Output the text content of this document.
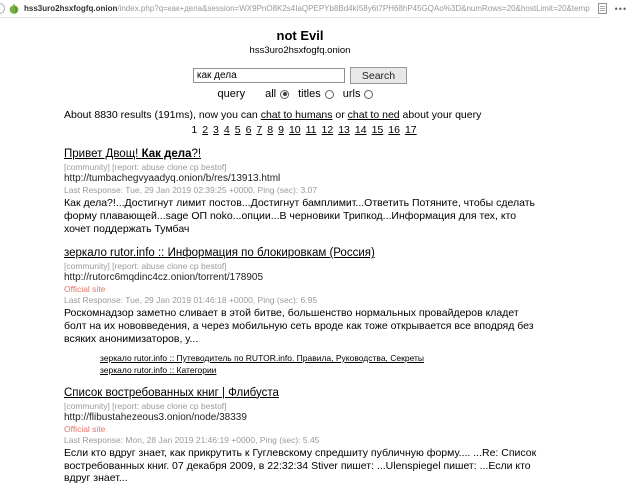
hss3uro2hsxfogfq.onion/index.php?q=как+дела&session=WX9PnO8K2s4IaQPEPYb8Bd4kI58y6t7PH68hP45GQAo%3D&numRows=20&hostLimit=20&temp	•••
not Evil
hss3uro2hsxfogfq.onion
как дела
Search
query all titles urls
About 8830 results (191ms), now you can chat to humans or chat to ned about your query
1 2 3 4 5 6 7 8 9 10 11 12 13 14 15 16 17
Привет Двощ! Как дела?!
[community] [report: abuse clone cp bestof]
http://tumbachegvyaadyq.onion/b/res/13913.html
Last Response: Tue, 29 Jan 2019 02:39:25 +0000, Ping (sec): 3.07
Как дела?!...Достигнут лимит постов...Достигнут бамплимит...Ответить Потяните, чтобы сделать форму плавающей...sage ОП noko...опции...В черновики Трипкод...Информация для тех, кто хочет поддержать Тумбач
зеркало rutor.info :: Информация по блокировкам (Россия)
[community] [report: abuse clone cp bestof]
http://rutorc6mqdinc4cz.onion/torrent/178905
Official site
Last Response: Tue, 29 Jan 2019 01:46:18 +0000, Ping (sec): 6.95
Роскомнадзор заметно сливает в этой битве, большенство нормальных провайдеров кладет болт на их нововведения, а через мобильную сеть вроде как тоже открывается все вподряд без всяких анонимизаторов, у...
зеркало rutor.info :: Путеводитель по RUTOR.info. Правила, Руководства, Секреты
зеркало rutor.info :: Категории
Список востребованных книг | Флибуста
[community] [report: abuse clone cp bestof]
http://flibustahezeous3.onion/node/38339
Official site
Last Response: Mon, 28 Jan 2019 21:46:19 +0000, Ping (sec): 5.45
Если кто вдруг знает, как прикрутить к Гуглевскому спредшиту публичную форму.... ...Re: Список востребованных книг. 07 декабря 2009, в 22:32:34 Stiver пишет: ...Ulenspiegel пишет: ...Если кто вдруг знает...
